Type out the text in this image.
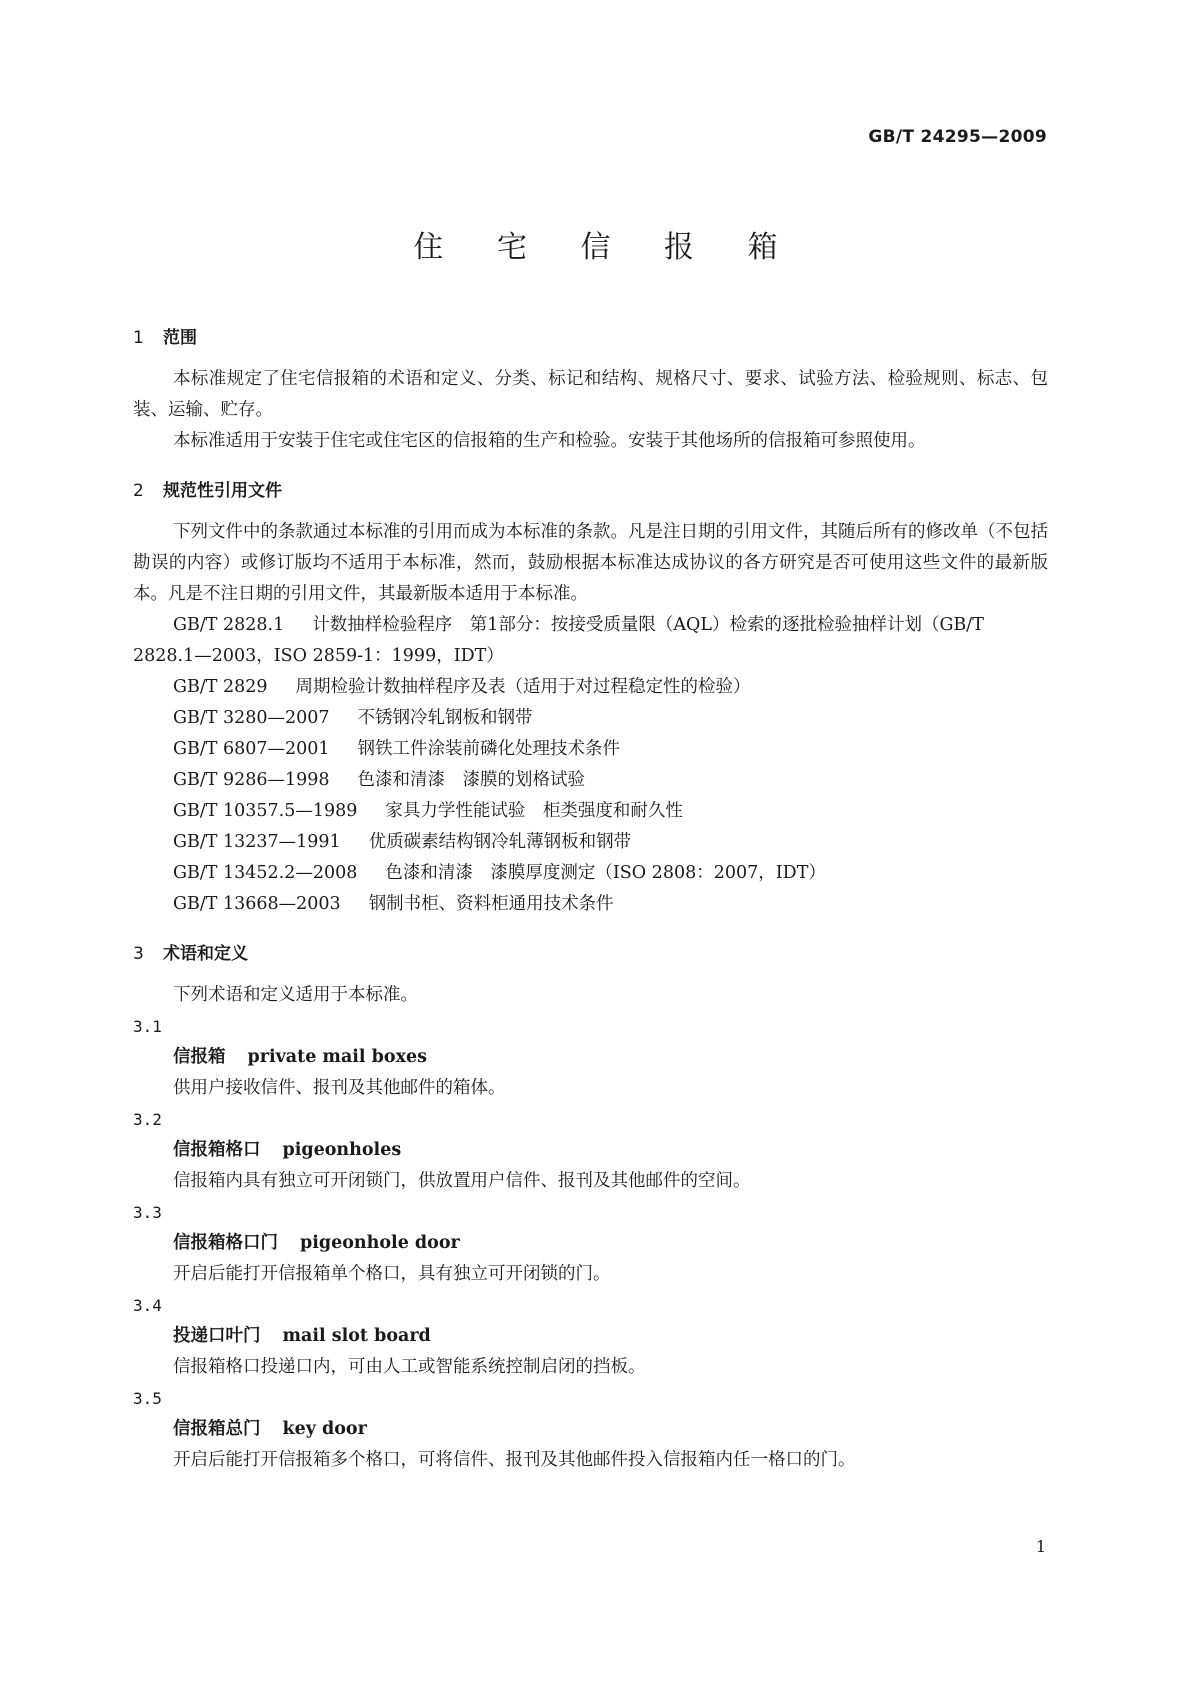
GB/T 24295—2009

住 宅 信 报 箱
1 范围

本标准规定了住宅信报箱的术语和定义、分类、标记和结构、规格尺寸、要求、试验方法、检验规则、标志、包装、运输、贮存。

本标准适用于安装于住宅或住宅区的信报箱的生产和检验。安装于其他场所的信报箱可参照使用。

2 规范性引用文件

下列文件中的条款通过本标准的引用而成为本标准的条款。凡是注日期的引用文件，其随后所有的修改单（不包括勘误的内容）或修订版均不适用于本标准，然而，鼓励根据本标准达成协议的各方研究是否可使用这些文件的最新版本。凡是不注日期的引用文件，其最新版本适用于本标准。

GB/T 2828.1 计数抽样检验程序　第1部分：按接受质量限（AQL）检索的逐批检验抽样计划（GB/T 2828.1—2003，ISO 2859-1：1999，IDT）

GB/T 2829 周期检验计数抽样程序及表（适用于对过程稳定性的检验）

GB/T 3280—2007 不锈钢冷轧钢板和钢带

GB/T 6807—2001 钢铁工件涂装前磷化处理技术条件

GB/T 9286—1998 色漆和清漆　漆膜的划格试验

GB/T 10357.5—1989 家具力学性能试验　柜类强度和耐久性

GB/T 13237—1991 优质碳素结构钢冷轧薄钢板和钢带

GB/T 13452.2—2008 色漆和清漆　漆膜厚度测定（ISO 2808：2007，IDT）

GB/T 13668—2003 钢制书柜、资料柜通用技术条件

3 术语和定义

下列术语和定义适用于本标准。

3.1

信报箱 private mail boxes

供用户接收信件、报刊及其他邮件的箱体。

3.2

信报箱格口 pigeonholes

信报箱内具有独立可开闭锁门，供放置用户信件、报刊及其他邮件的空间。

3.3

信报箱格口门 pigeonhole door

开启后能打开信报箱单个格口，具有独立可开闭锁的门。

3.4

投递口叶门 mail slot board

信报箱格口投递口内，可由人工或智能系统控制启闭的挡板。

3.5

信报箱总门 key door

开启后能打开信报箱多个格口，可将信件、报刊及其他邮件投入信报箱内任一格口的门。

1
